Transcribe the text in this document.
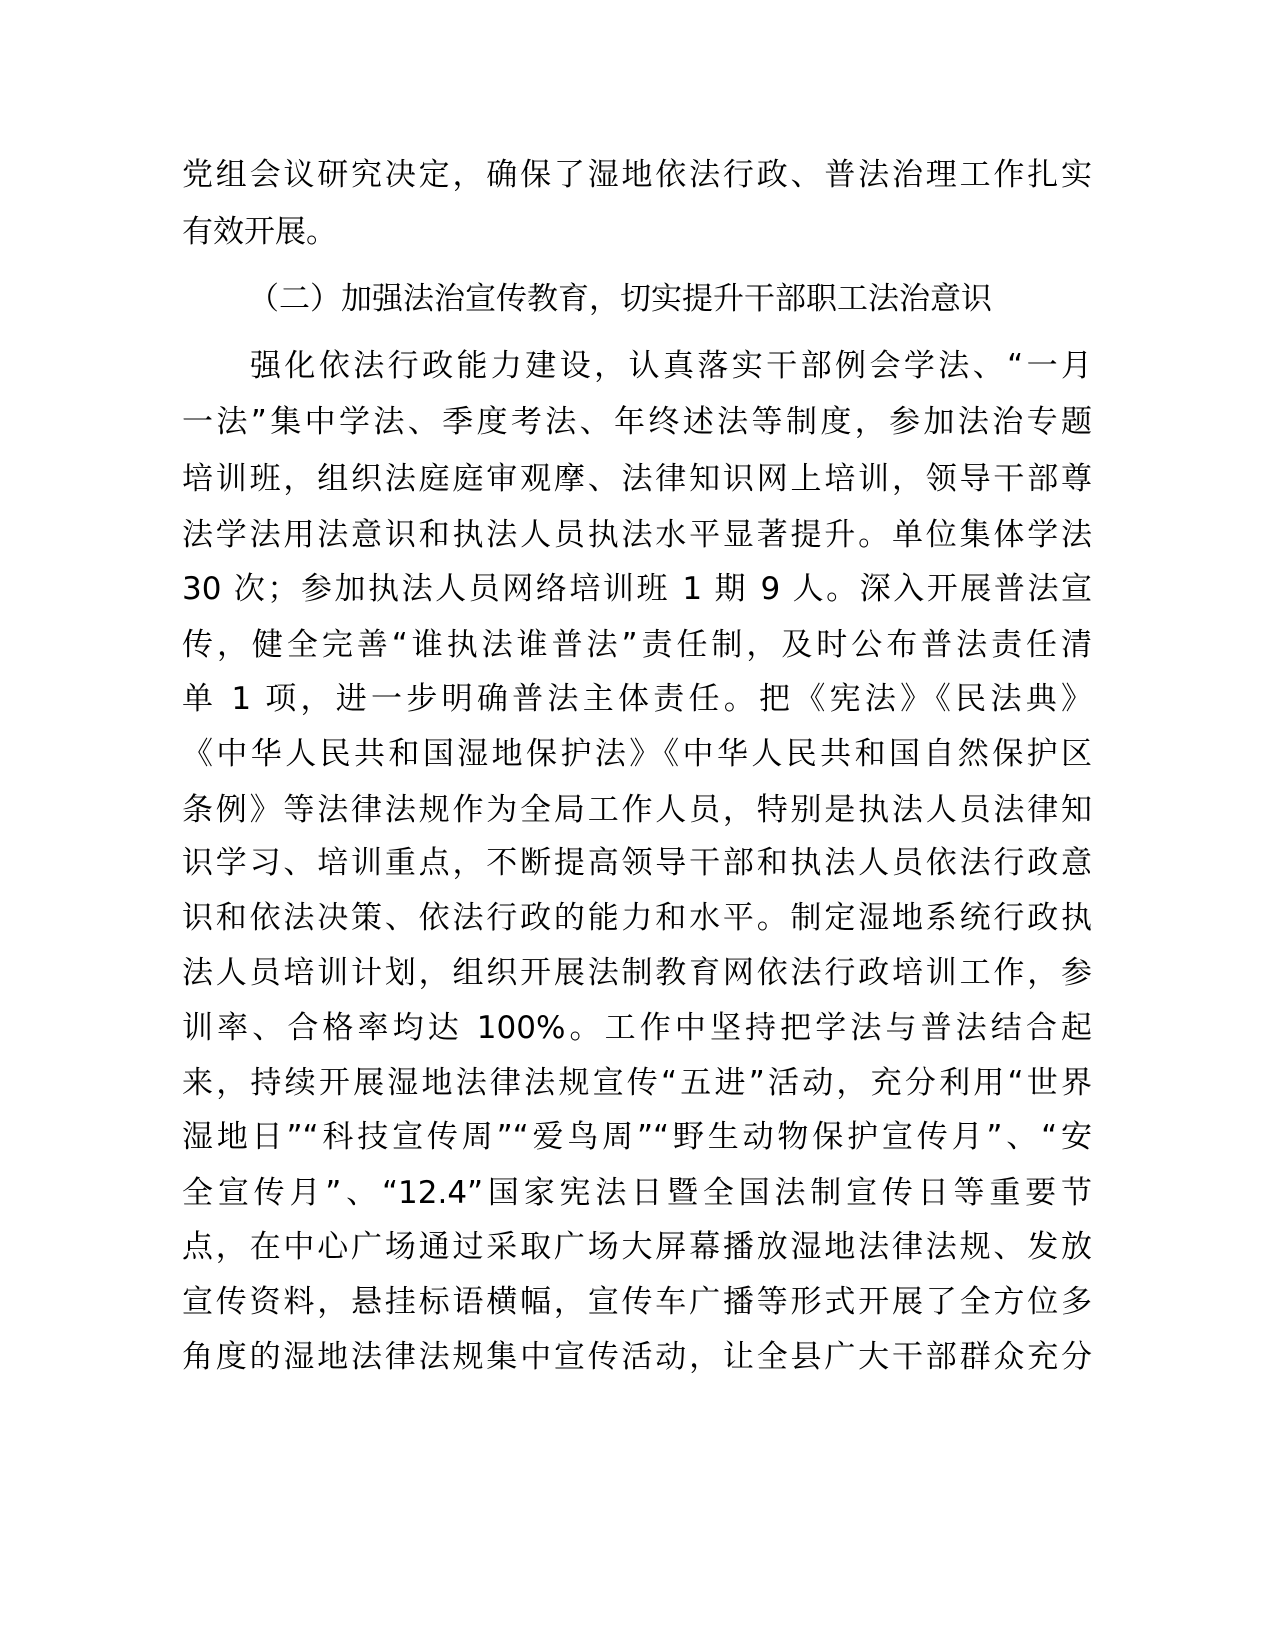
党组会议研究决定，确保了湿地依法行政、普法治理工作扎实
有效开展。
（二）加强法治宣传教育，切实提升干部职工法治意识
强化依法行政能力建设，认真落实干部例会学法、“一月
一法”集中学法、季度考法、年终述法等制度，参加法治专题
培训班，组织法庭庭审观摩、法律知识网上培训，领导干部尊
法学法用法意识和执法人员执法水平显著提升。单位集体学法
30 次；参加执法人员网络培训班 1 期 9 人。深入开展普法宣
传，健全完善“谁执法谁普法”责任制，及时公布普法责任清
单 1 项，进一步明确普法主体责任。把《宪法》《民法典》
《中华人民共和国湿地保护法》《中华人民共和国自然保护区
条例》等法律法规作为全局工作人员，特别是执法人员法律知
识学习、培训重点，不断提高领导干部和执法人员依法行政意
识和依法决策、依法行政的能力和水平。制定湿地系统行政执
法人员培训计划，组织开展法制教育网依法行政培训工作，参
训率、合格率均达 100%。工作中坚持把学法与普法结合起
来，持续开展湿地法律法规宣传“五进”活动，充分利用“世界
湿地日”“科技宣传周”“爱鸟周”“野生动物保护宣传月”、“安
全宣传月”、“12.4”国家宪法日暨全国法制宣传日等重要节
点，在中心广场通过采取广场大屏幕播放湿地法律法规、发放
宣传资料，悬挂标语横幅，宣传车广播等形式开展了全方位多
角度的湿地法律法规集中宣传活动，让全县广大干部群众充分
